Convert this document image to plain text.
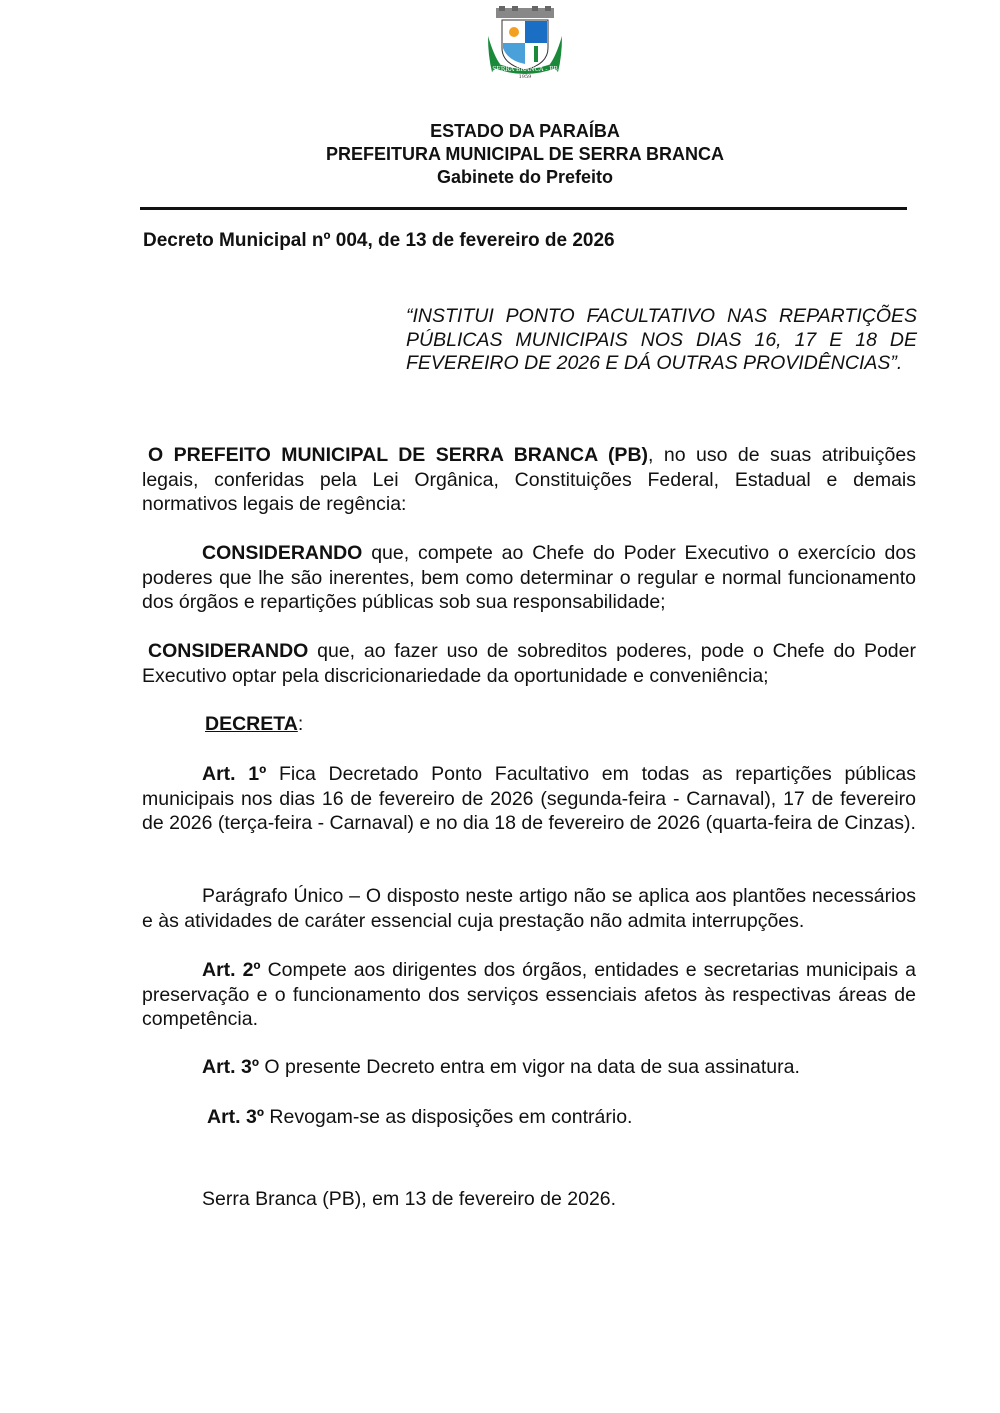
SERRA BRANCA - PB
1959
ESTADO DA PARAÍBA
PREFEITURA MUNICIPAL DE SERRA BRANCA
Gabinete do Prefeito
Decreto Municipal nº 004, de 13 de fevereiro de 2026
“INSTITUI PONTO FACULTATIVO NAS REPARTIÇÕES PÚBLICAS MUNICIPAIS NOS DIAS 16, 17 E 18 DE FEVEREIRO DE 2026 E DÁ OUTRAS PROVIDÊNCIAS”.
O PREFEITO MUNICIPAL DE SERRA BRANCA (PB), no uso de suas atribuições legais, conferidas pela Lei Orgânica, Constituições Federal, Estadual e demais normativos legais de regência:
CONSIDERANDO que, compete ao Chefe do Poder Executivo o exercício dos poderes que lhe são inerentes, bem como determinar o regular e normal funcionamento dos órgãos e repartições públicas sob sua responsabilidade;
CONSIDERANDO que, ao fazer uso de sobreditos poderes, pode o Chefe do Poder Executivo optar pela discricionariedade da oportunidade e conveniência;
DECRETA:
Art. 1º Fica Decretado Ponto Facultativo em todas as repartições públicas municipais nos dias 16 de fevereiro de 2026 (segunda-feira - Carnaval), 17 de fevereiro de 2026 (terça-feira - Carnaval) e no dia 18 de fevereiro de 2026 (quarta-feira de Cinzas).
Parágrafo Único – O disposto neste artigo não se aplica aos plantões necessários e às atividades de caráter essencial cuja prestação não admita interrupções.
Art. 2º Compete aos dirigentes dos órgãos, entidades e secretarias municipais a preservação e o funcionamento dos serviços essenciais afetos às respectivas áreas de competência.
Art. 3º O presente Decreto entra em vigor na data de sua assinatura.
Art. 3º Revogam-se as disposições em contrário.
Serra Branca (PB), em 13 de fevereiro de 2026.
